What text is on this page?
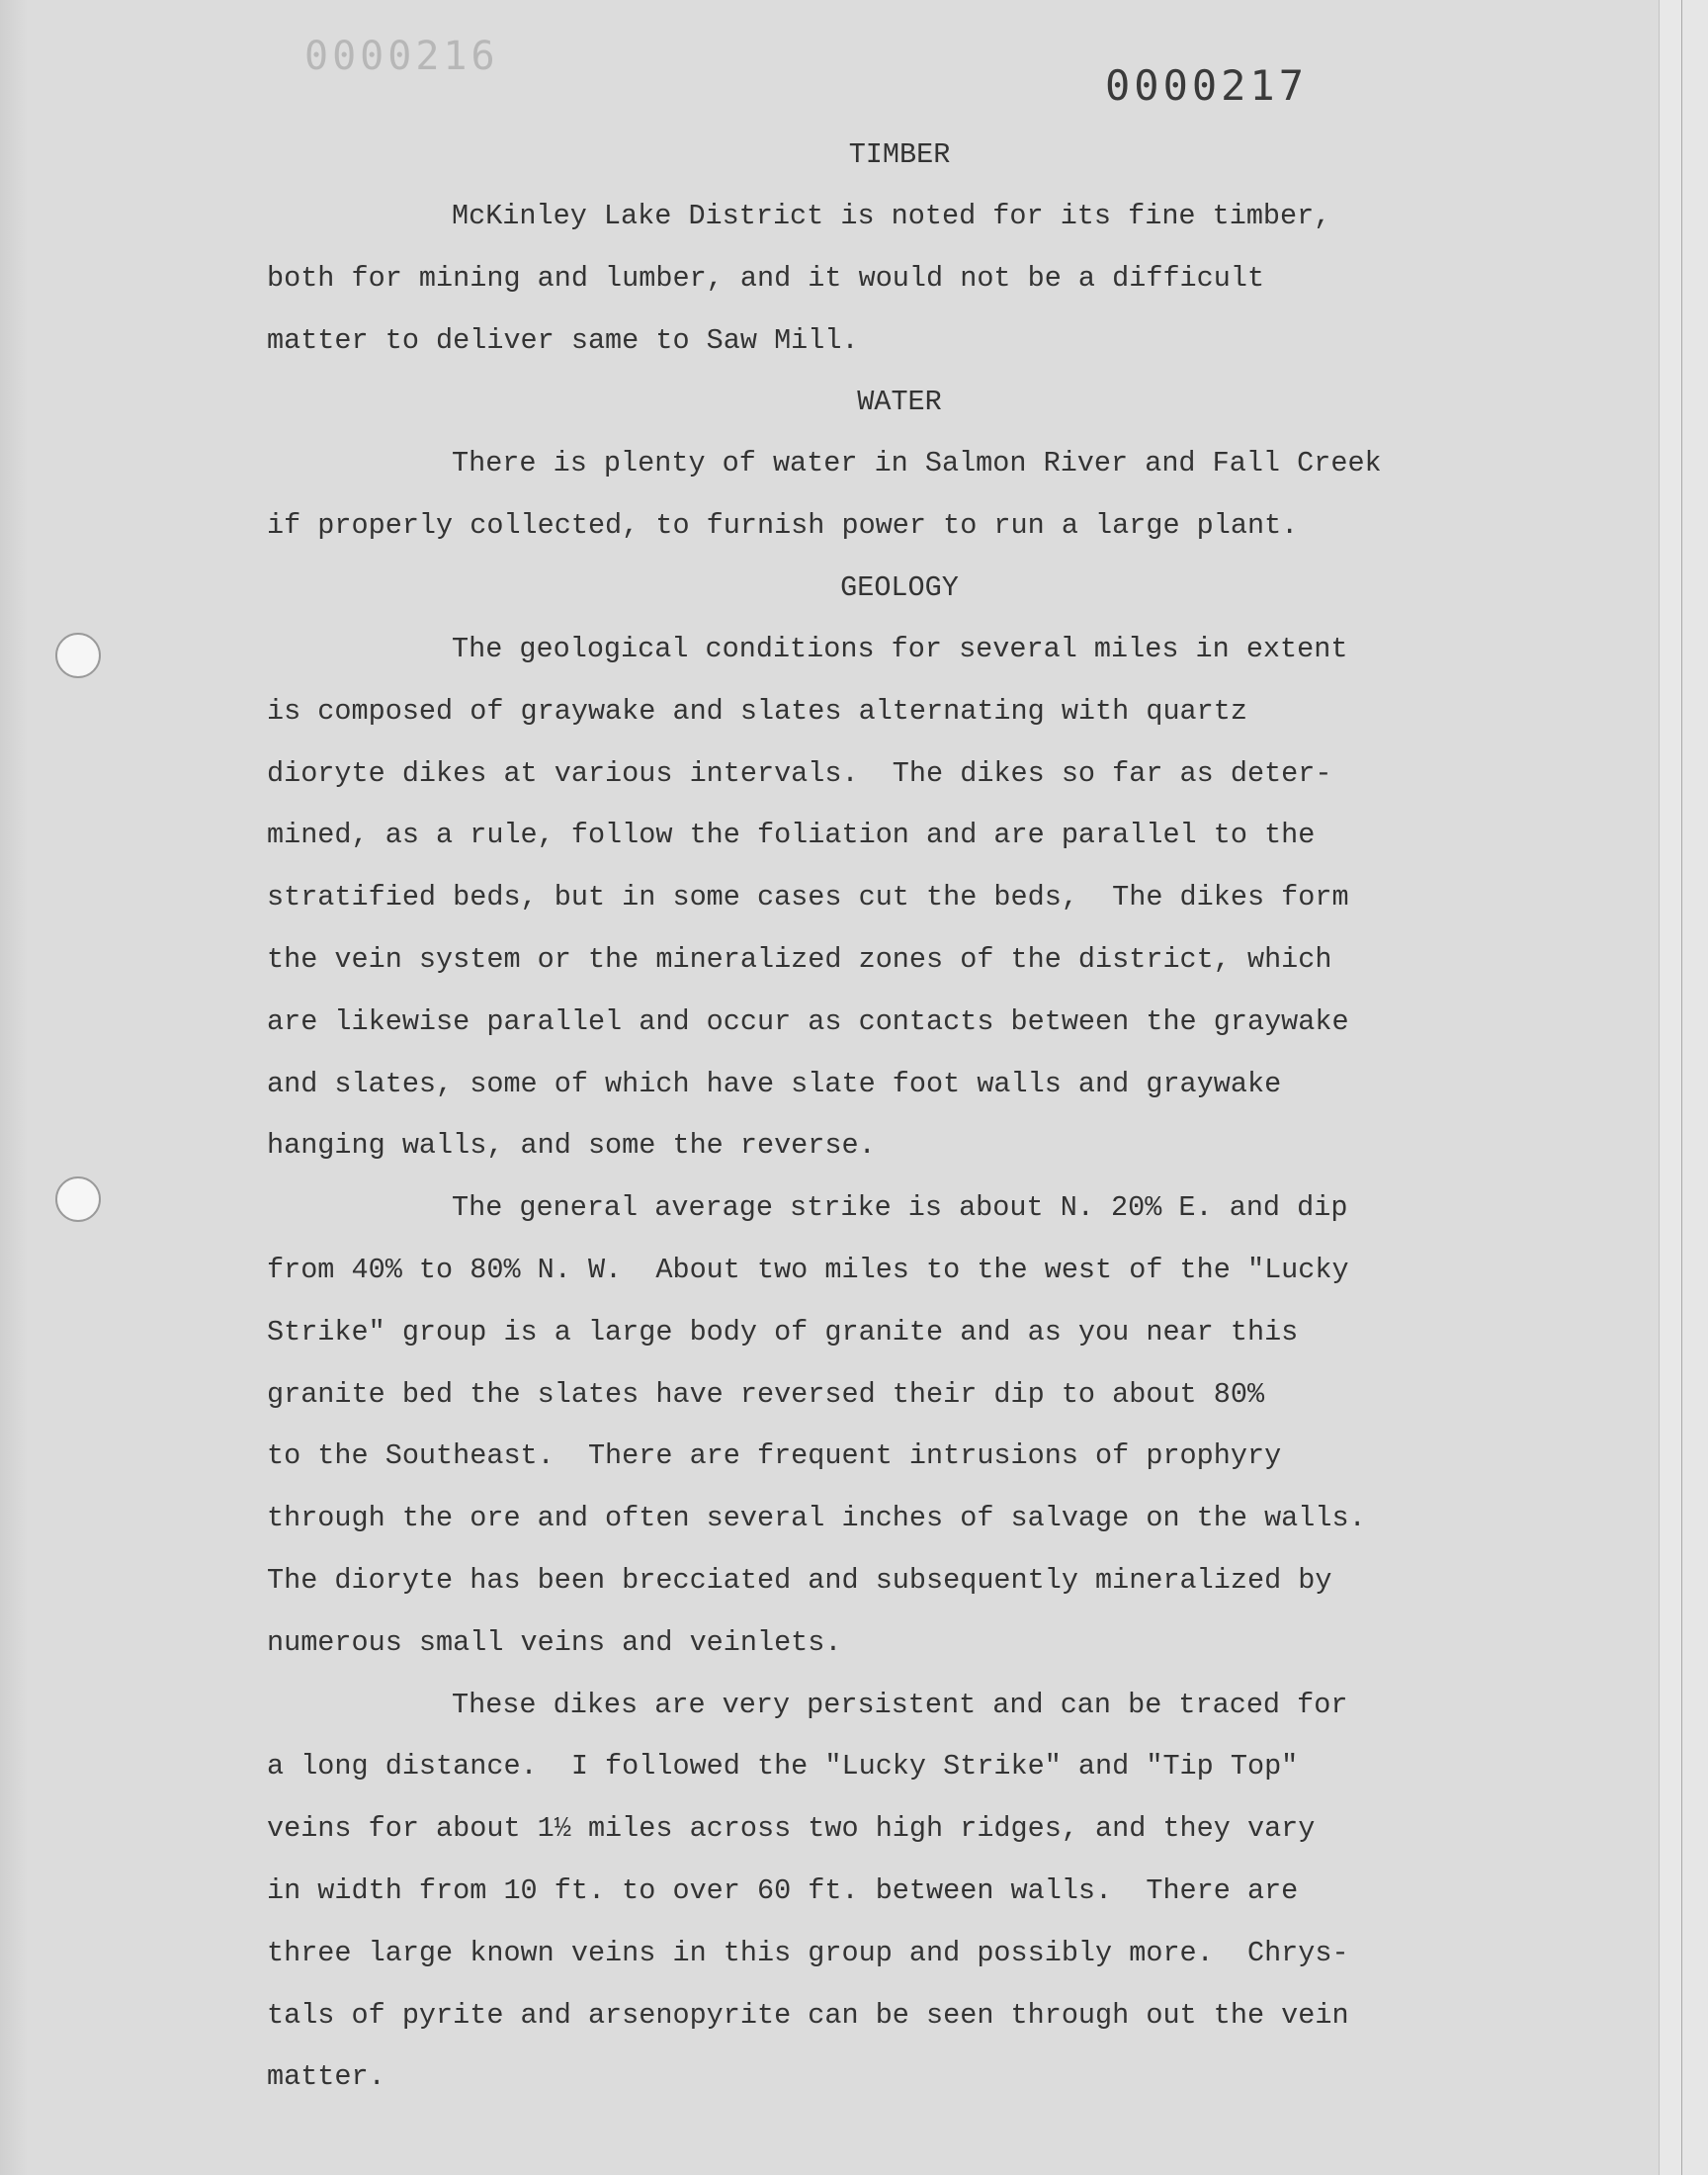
0000216
0000217
TIMBER
McKinley Lake District is noted for its fine timber,
both for mining and lumber, and it would not be a difficult
matter to deliver same to Saw Mill.
WATER
There is plenty of water in Salmon River and Fall Creek
if properly collected, to furnish power to run a large plant.
GEOLOGY
The geological conditions for several miles in extent
is composed of graywake and slates alternating with quartz
dioryte dikes at various intervals.  The dikes so far as deter-
mined, as a rule, follow the foliation and are parallel to the
stratified beds, but in some cases cut the beds,  The dikes form
the vein system or the mineralized zones of the district, which
are likewise parallel and occur as contacts between the graywake
and slates, some of which have slate foot walls and graywake
hanging walls, and some the reverse.
The general average strike is about N. 20% E. and dip
from 40% to 80% N. W.  About two miles to the west of the "Lucky
Strike" group is a large body of granite and as you near this
granite bed the slates have reversed their dip to about 80%
to the Southeast.  There are frequent intrusions of prophyry
through the ore and often several inches of salvage on the walls.
The dioryte has been brecciated and subsequently mineralized by
numerous small veins and veinlets.
These dikes are very persistent and can be traced for
a long distance.  I followed the "Lucky Strike" and "Tip Top"
veins for about 1½ miles across two high ridges, and they vary
in width from 10 ft. to over 60 ft. between walls.  There are
three large known veins in this group and possibly more.  Chrys-
tals of pyrite and arsenopyrite can be seen through out the vein
matter.
